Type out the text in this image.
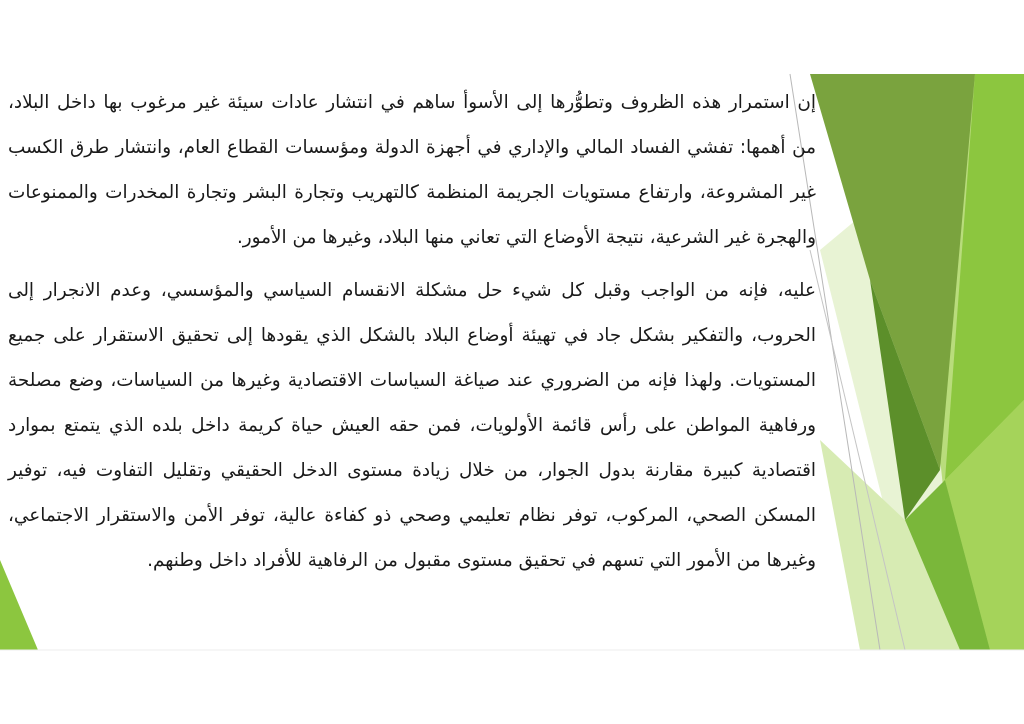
إن استمرار هذه الظروف وتطوُّرها إلى الأسوأ ساهم في انتشار عادات سيئة غير مرغوب بها داخل البلاد، من أهمها: تفشي الفساد المالي والإداري في أجهزة الدولة ومؤسسات القطاع العام، وانتشار طرق الكسب غير المشروعة، وارتفاع مستويات الجريمة المنظمة كالتهريب وتجارة البشر وتجارة المخدرات والممنوعات والهجرة غير الشرعية، نتيجة الأوضاع التي تعاني منها البلاد، وغيرها من الأمور.

عليه، فإنه من الواجب وقبل كل شيء حل مشكلة الانقسام السياسي والمؤسسي، وعدم الانجرار إلى الحروب، والتفكير بشكل جاد في تهيئة أوضاع البلاد بالشكل الذي يقودها إلى تحقيق الاستقرار على جميع المستويات. ولهذا فإنه من الضروري عند صياغة السياسات الاقتصادية وغيرها من السياسات، وضع مصلحة ورفاهية المواطن على رأس قائمة الأولويات، فمن حقه العيش حياة كريمة داخل بلده الذي يتمتع بموارد اقتصادية كبيرة مقارنة بدول الجوار، من خلال زيادة مستوى الدخل الحقيقي وتقليل التفاوت فيه، توفير المسكن الصحي، المركوب، توفر نظام تعليمي وصحي ذو كفاءة عالية، توفر الأمن والاستقرار الاجتماعي، وغيرها من الأمور التي تسهم في تحقيق مستوى مقبول من الرفاهية للأفراد داخل وطنهم.
